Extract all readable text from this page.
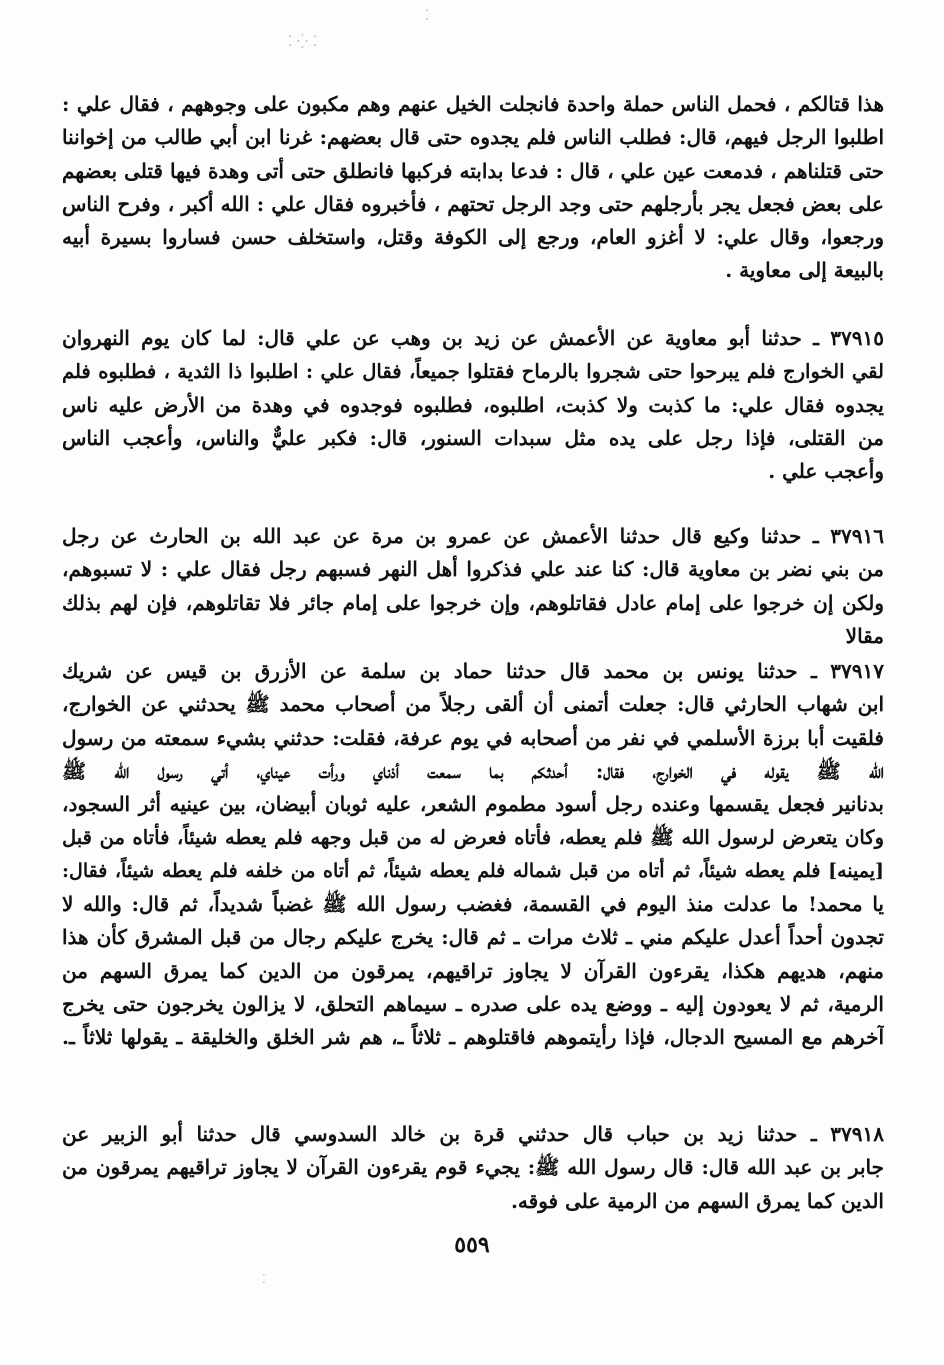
⁚ ⁛ ⁚
⁚
⁚
هذا قتالكم ، فحمل الناس حملة واحدة فانجلت الخيل عنهم وهم مكبون على وجوههم ، فقال علي :
اطلبوا الرجل فيهم، قال: فطلب الناس فلم يجدوه حتى قال بعضهم: غرنا ابن أبي طالب من إخواننا
حتى قتلناهم ، فدمعت عين علي ، قال : فدعا بدابته فركبها فانطلق حتى أتى وهدة فيها قتلى بعضهم
على بعض فجعل يجر بأرجلهم حتى وجد الرجل تحتهم ، فأخبروه فقال علي : الله أكبر ، وفرح الناس
ورجعوا، وقال علي: لا أغزو العام، ورجع إلى الكوفة وقتل، واستخلف حسن فساروا بسيرة أبيه
بالبيعة إلى معاوية .
٣٧٩١٥ ـ حدثنا أبو معاوية عن الأعمش عن زيد بن وهب عن علي قال: لما كان يوم النهروان
لقي الخوارج فلم يبرحوا حتى شجروا بالرماح فقتلوا جميعاً، فقال علي : اطلبوا ذا الثدية ، فطلبوه فلم
يجدوه فقال علي: ما كذبت ولا كذبت، اطلبوه، فطلبوه فوجدوه في وهدة من الأرض عليه ناس
من القتلى، فإذا رجل على يده مثل سبدات السنور، قال: فكبر عليٌّ والناس، وأعجب الناس
وأعجب علي .
٣٧٩١٦ ـ حدثنا وكيع قال حدثنا الأعمش عن عمرو بن مرة عن عبد الله بن الحارث عن رجل
من بني نضر بن معاوية قال: كنا عند علي فذكروا أهل النهر فسبهم رجل فقال علي : لا تسبوهم،
ولكن إن خرجوا على إمام عادل فقاتلوهم، وإن خرجوا على إمام جائر فلا تقاتلوهم، فإن لهم بذلك
مقالا
٣٧٩١٧ ـ حدثنا يونس بن محمد قال حدثنا حماد بن سلمة عن الأزرق بن قيس عن شريك
ابن شهاب الحارثي قال: جعلت أتمنى أن ألقى رجلاً من أصحاب محمد ﷺ يحدثني عن الخوارج،
فلقيت أبا برزة الأسلمي في نفر من أصحابه في يوم عرفة، فقلت: حدثني بشيء سمعته من رسول
الله ﷺ يقوله في الخوارج، فقال: أحدثكم بما سمعت أذناي ورأت عيناي، أتي رسول الله ﷺ
بدنانير فجعل يقسمها وعنده رجل أسود مطموم الشعر، عليه ثوبان أبيضان، بين عينيه أثر السجود،
وكان يتعرض لرسول الله ﷺ فلم يعطه، فأتاه فعرض له من قبل وجهه فلم يعطه شيئاً، فأتاه من قبل
[يمينه] فلم يعطه شيئاً، ثم أتاه من قبل شماله فلم يعطه شيئاً، ثم أتاه من خلفه فلم يعطه شيئاً، فقال:
يا محمد! ما عدلت منذ اليوم في القسمة، فغضب رسول الله ﷺ غضباً شديداً، ثم قال: والله لا
تجدون أحداً أعدل عليكم مني ـ ثلاث مرات ـ ثم قال: يخرج عليكم رجال من قبل المشرق كأن هذا
منهم، هديهم هكذا، يقرءون القرآن لا يجاوز تراقيهم، يمرقون من الدين كما يمرق السهم من
الرمية، ثم لا يعودون إليه ـ ووضع يده على صدره ـ سيماهم التحلق، لا يزالون يخرجون حتى يخرج
آخرهم مع المسيح الدجال، فإذا رأيتموهم فاقتلوهم ـ ثلاثاً ـ، هم شر الخلق والخليقة ـ يقولها ثلاثاً ـ.
٣٧٩١٨ ـ حدثنا زيد بن حباب قال حدثني قرة بن خالد السدوسي قال حدثنا أبو الزبير عن
جابر بن عبد الله قال: قال رسول الله ﷺ: يجيء قوم يقرءون القرآن لا يجاوز تراقيهم يمرقون من
الدين كما يمرق السهم من الرمية على فوقه.
٥٥٩
